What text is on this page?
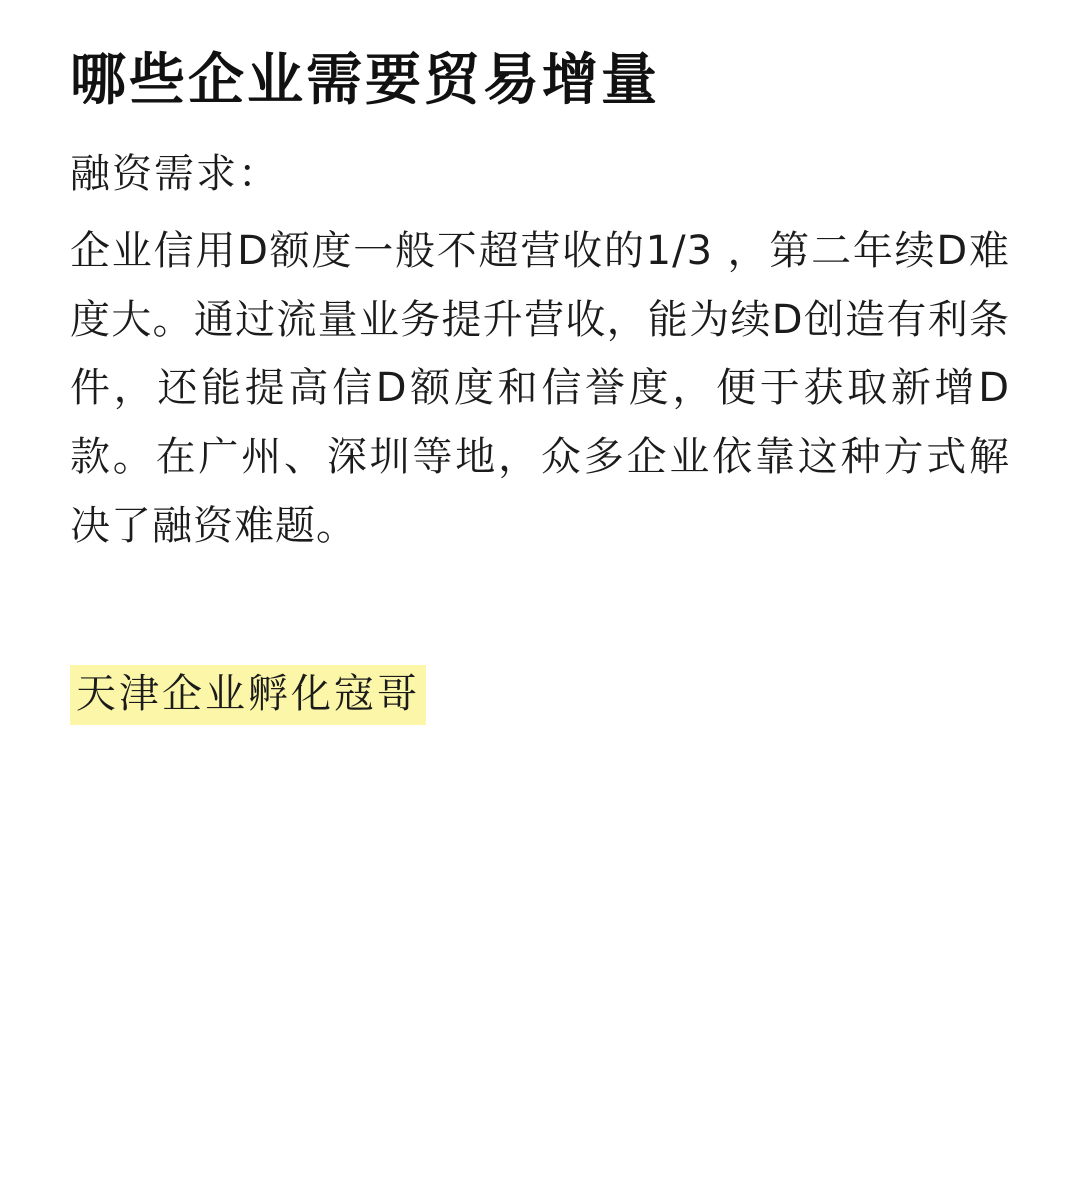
哪些企业需要贸易增量

融资需求：

企业信用D额度一般不超营收的1/3 ，第二年续D难度大。通过流量业务提升营收，能为续D创造有利条件，还能提高信D额度和信誉度，便于获取新增D款。在广州、深圳等地，众多企业依靠这种方式解决了融资难题。

天津企业孵化寇哥
